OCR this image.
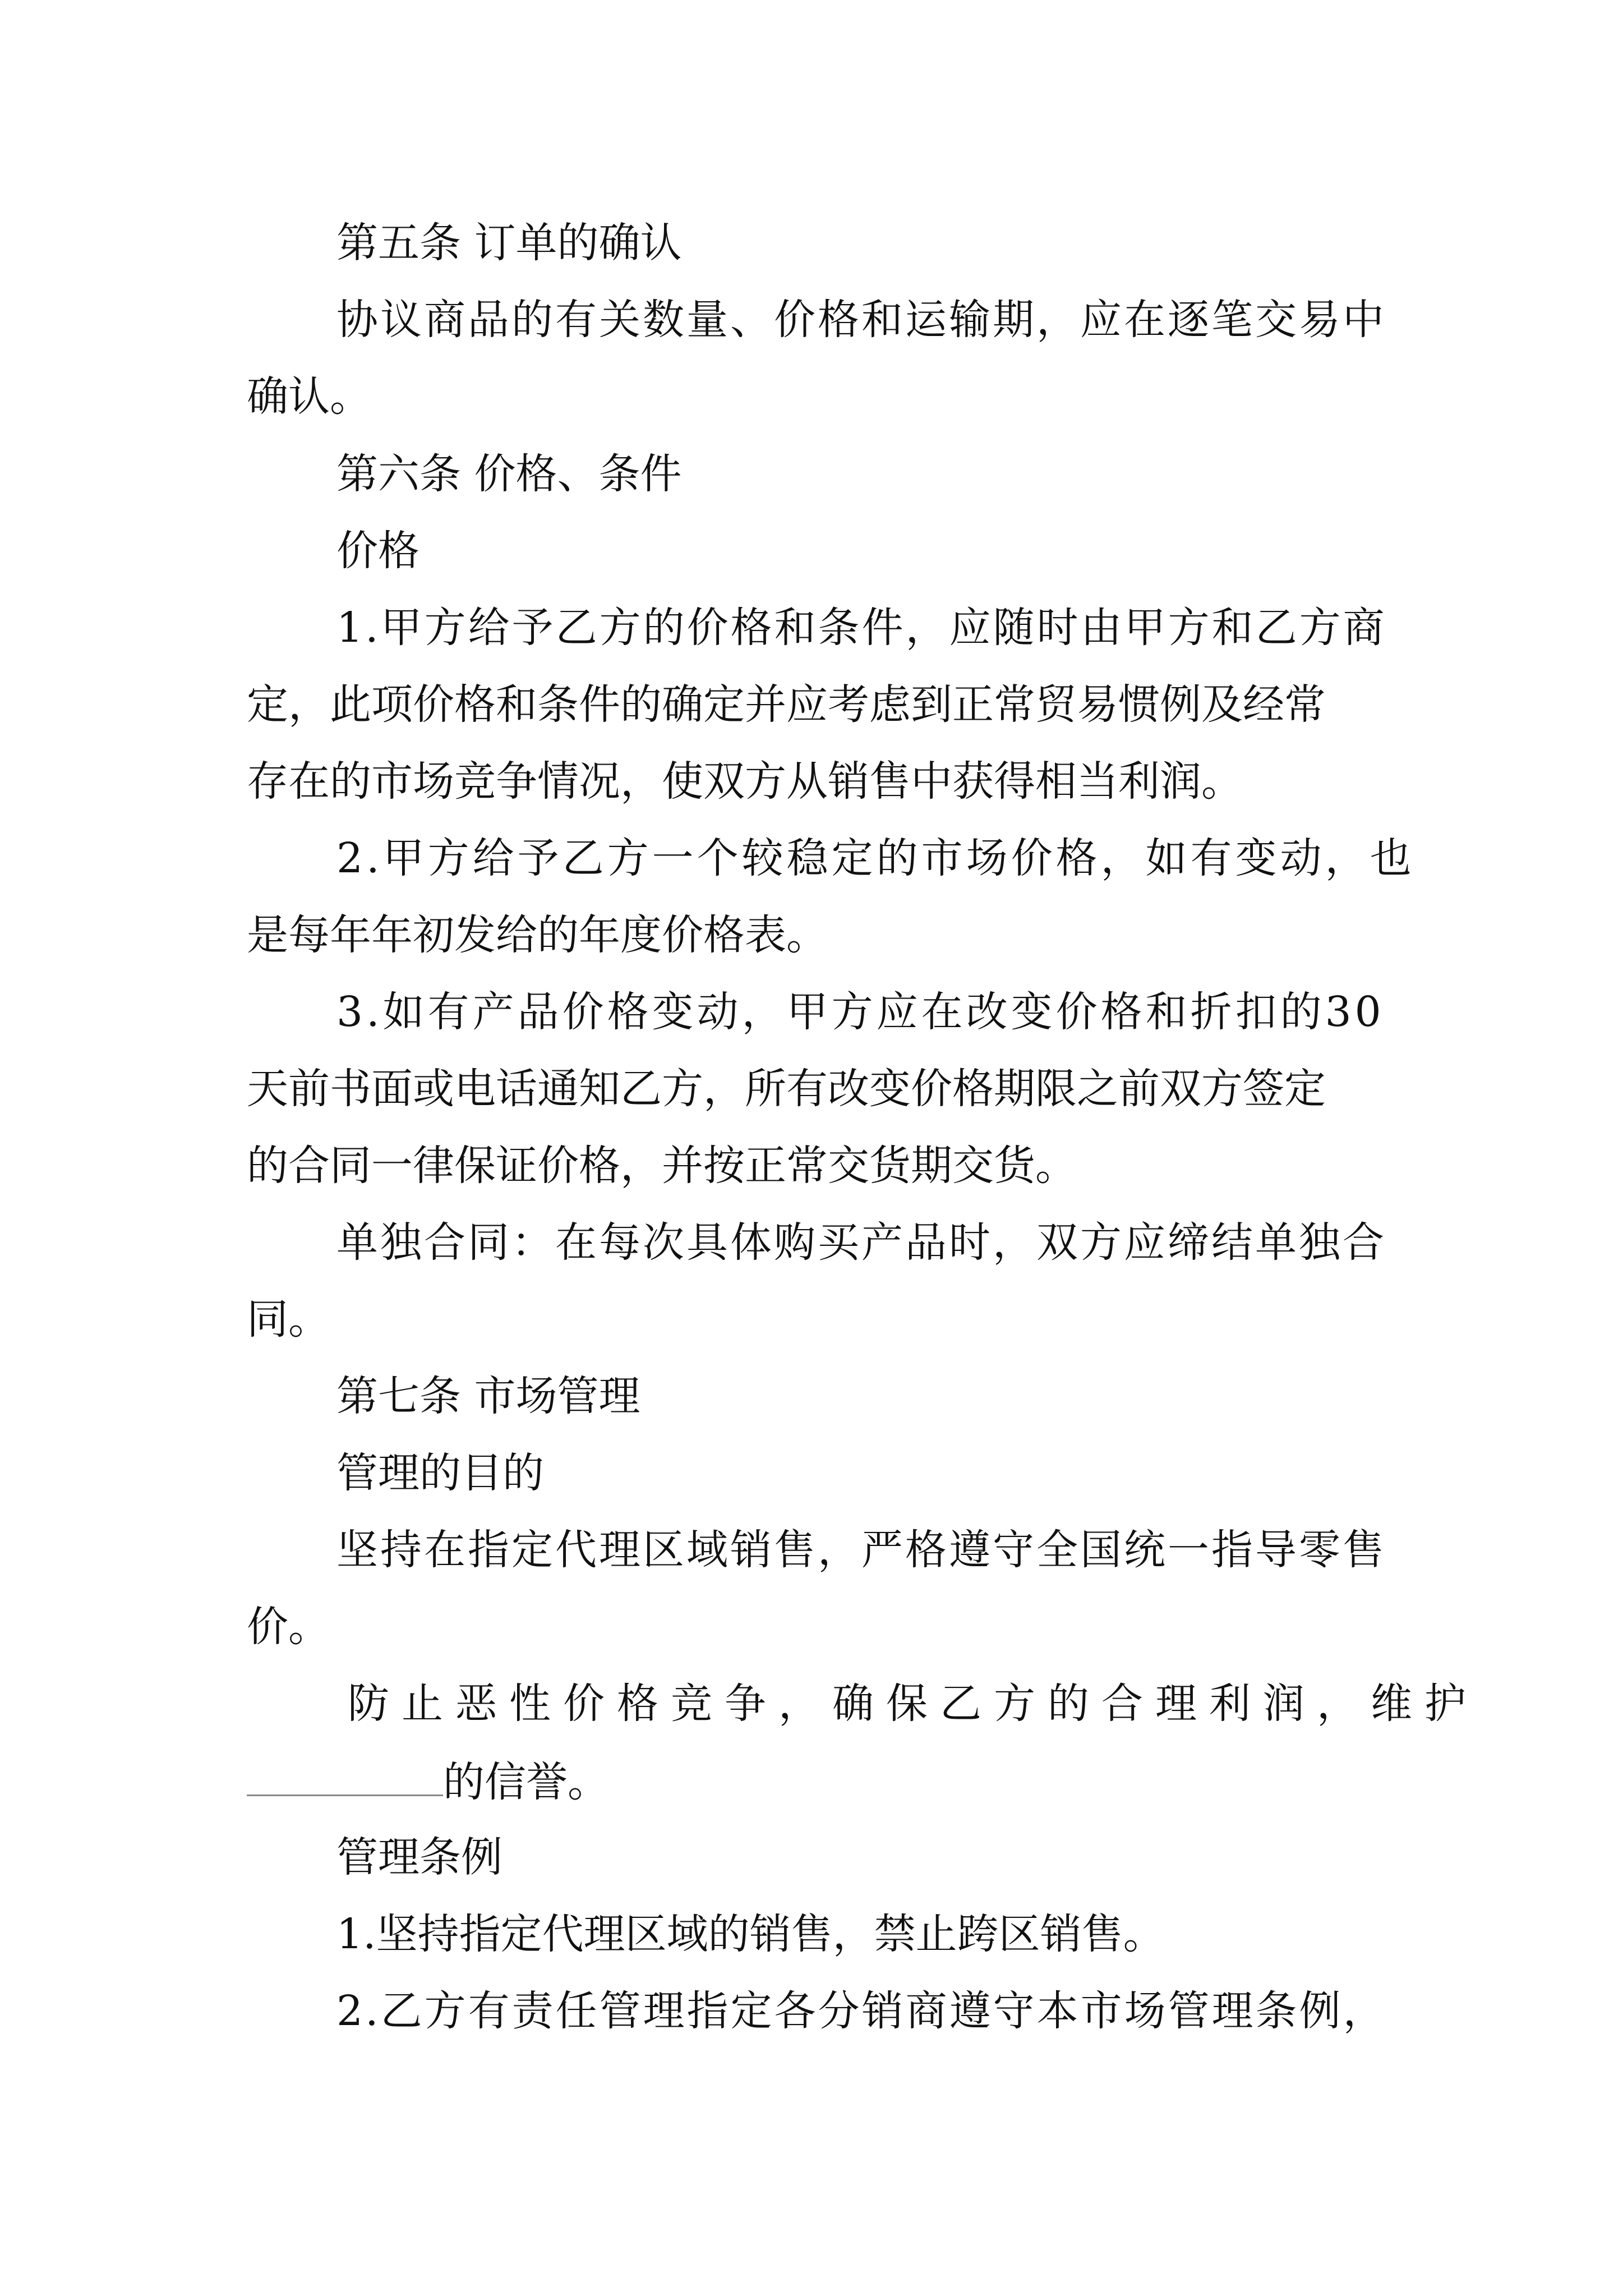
第五条 订单的确认
协议商品的有关数量、价格和运输期，应在逐笔交易中
确认。
第六条 价格、条件
价格
1.甲方给予乙方的价格和条件，应随时由甲方和乙方商
定，此项价格和条件的确定并应考虑到正常贸易惯例及经常
存在的市场竞争情况，使双方从销售中获得相当利润。
2.甲方给予乙方一个较稳定的市场价格，如有变动，也
是每年年初发给的年度价格表。
3.如有产品价格变动，甲方应在改变价格和折扣的30
天前书面或电话通知乙方，所有改变价格期限之前双方签定
的合同一律保证价格，并按正常交货期交货。
单独合同：在每次具体购买产品时，双方应缔结单独合
同。
第七条 市场管理
管理的目的
坚持在指定代理区域销售，严格遵守全国统一指导零售
价。
防止恶性价格竞争，确保乙方的合理利润，维护
的信誉。
管理条例
1.坚持指定代理区域的销售，禁止跨区销售。
2.乙方有责任管理指定各分销商遵守本市场管理条例，
